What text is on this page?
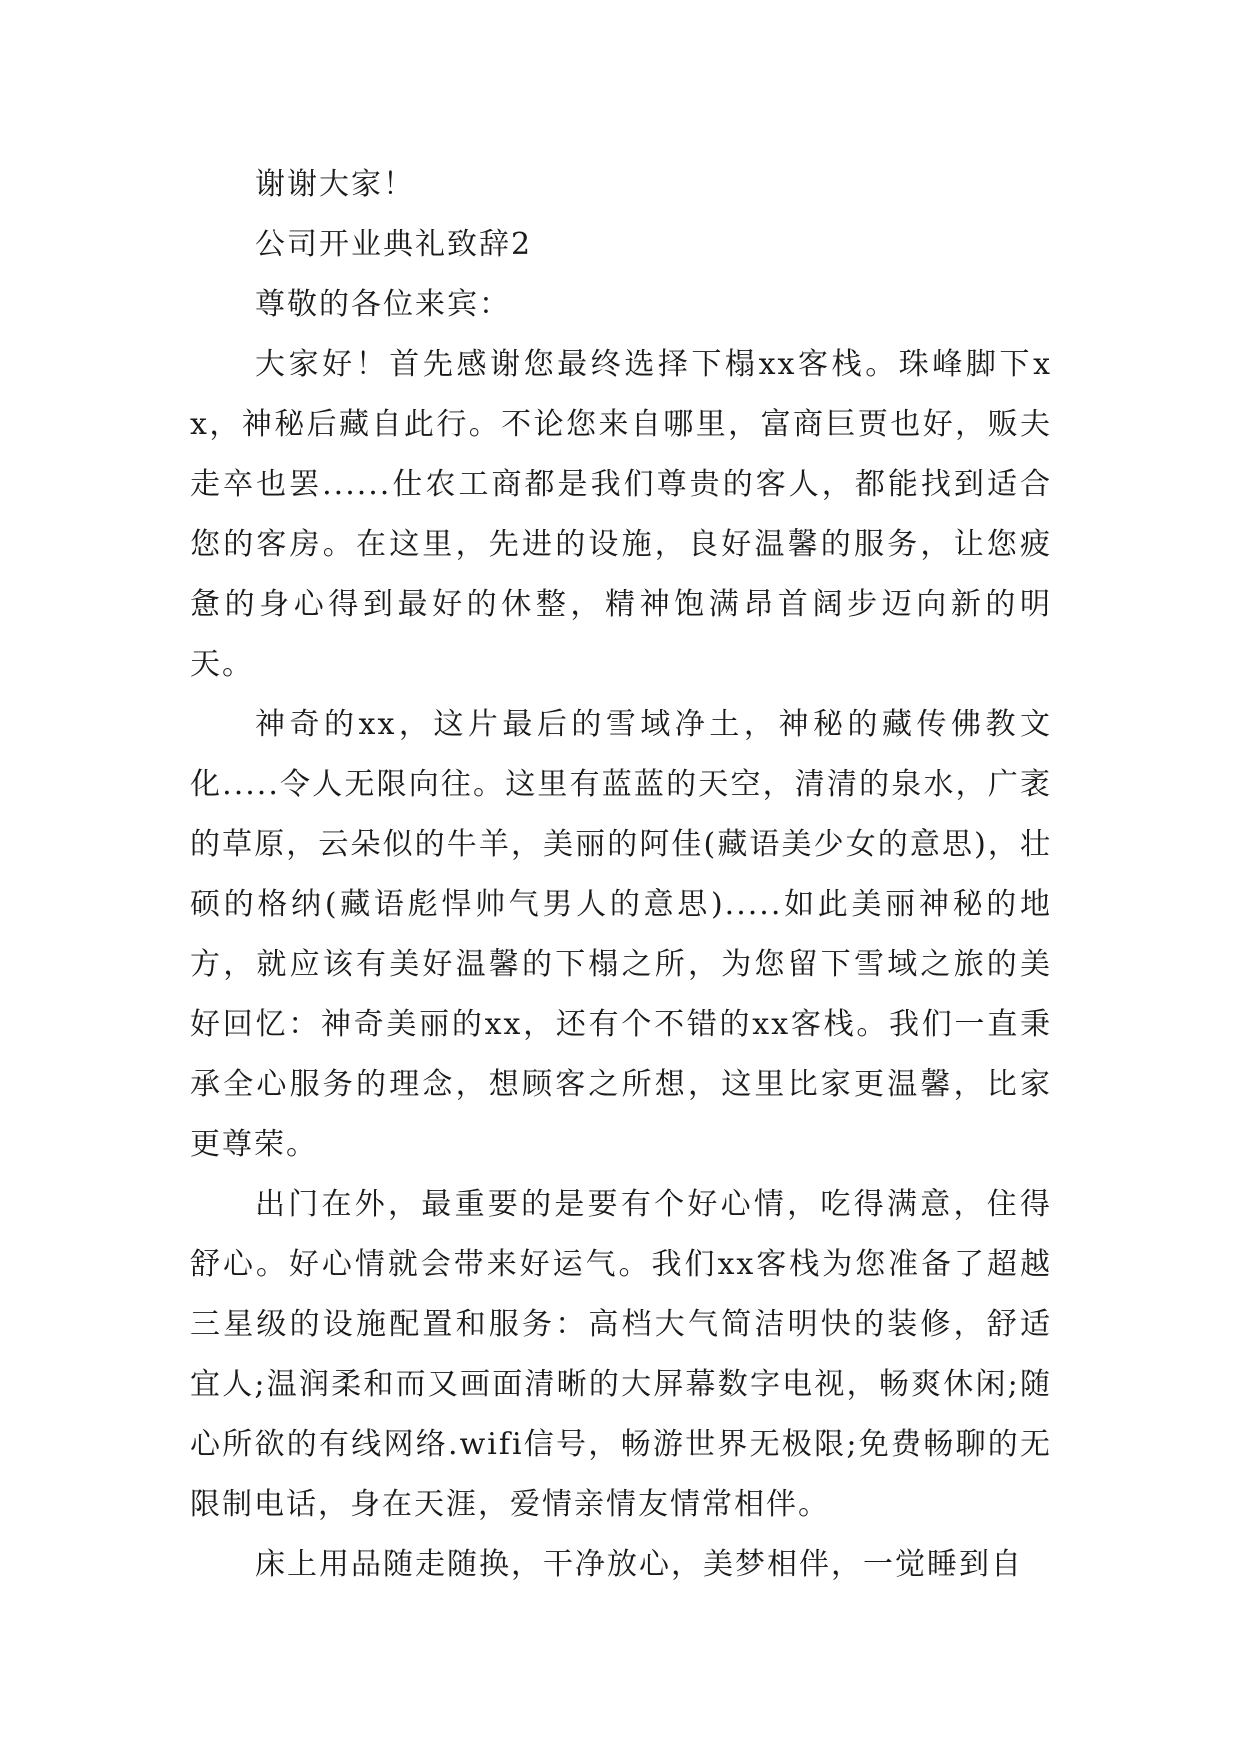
谢谢大家！

公司开业典礼致辞2

尊敬的各位来宾：

大家好！首先感谢您最终选择下榻xx客栈。珠峰脚下xx，神秘后藏自此行。不论您来自哪里，富商巨贾也好，贩夫走卒也罢......仕农工商都是我们尊贵的客人，都能找到适合您的客房。在这里，先进的设施，良好温馨的服务，让您疲惫的身心得到最好的休整，精神饱满昂首阔步迈向新的明天。

神奇的xx，这片最后的雪域净土，神秘的藏传佛教文化.....令人无限向往。这里有蓝蓝的天空，清清的泉水，广袤的草原，云朵似的牛羊，美丽的阿佳(藏语美少女的意思)，壮硕的格纳(藏语彪悍帅气男人的意思).....如此美丽神秘的地方，就应该有美好温馨的下榻之所，为您留下雪域之旅的美好回忆：神奇美丽的xx，还有个不错的xx客栈。我们一直秉承全心服务的理念，想顾客之所想，这里比家更温馨，比家更尊荣。

出门在外，最重要的是要有个好心情，吃得满意，住得舒心。好心情就会带来好运气。我们xx客栈为您准备了超越三星级的设施配置和服务：高档大气简洁明快的装修，舒适宜人;温润柔和而又画面清晰的大屏幕数字电视，畅爽休闲;随心所欲的有线网络.wifi信号，畅游世界无极限;免费畅聊的无限制电话，身在天涯，爱情亲情友情常相伴。

床上用品随走随换，干净放心，美梦相伴，一觉睡到自
